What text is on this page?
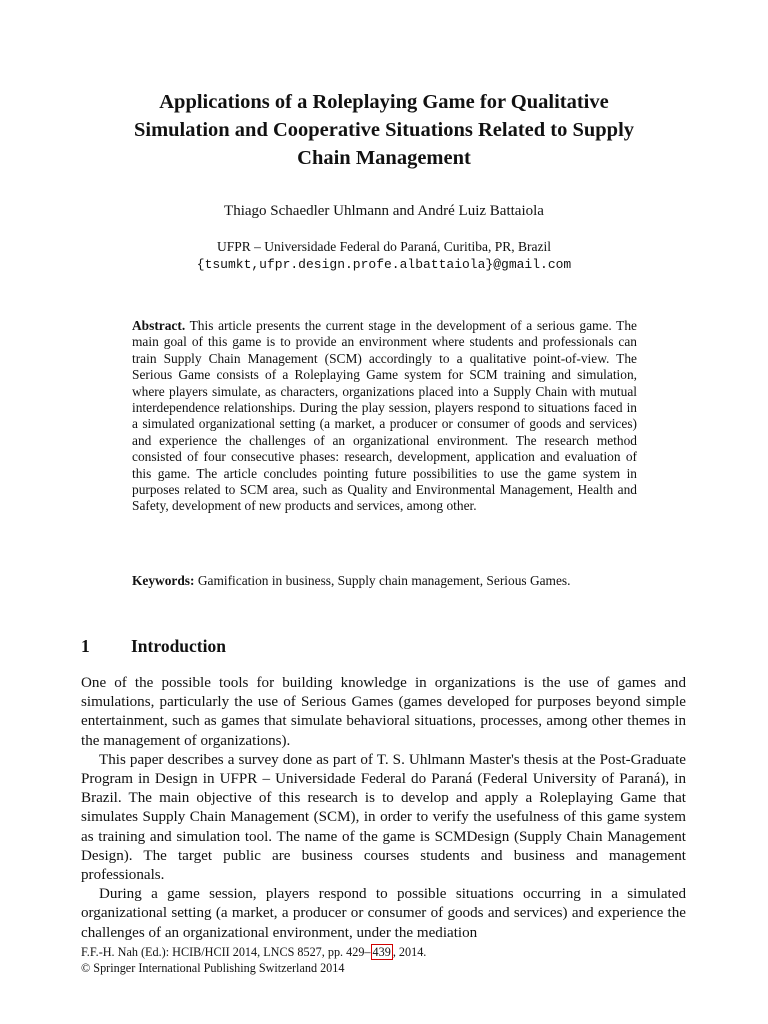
Applications of a Roleplaying Game for Qualitative
Simulation and Cooperative Situations Related to Supply
Chain Management
Thiago Schaedler Uhlmann and André Luiz Battaiola
UFPR – Universidade Federal do Paraná, Curitiba, PR, Brazil
{tsumkt,ufpr.design.profe.albattaiola}@gmail.com
Abstract. This article presents the current stage in the development of a serious game. The main goal of this game is to provide an environment where students and professionals can train Supply Chain Management (SCM) accordingly to a qualitative point-of-view. The Serious Game consists of a Roleplaying Game system for SCM training and simulation, where players simulate, as characters, organizations placed into a Supply Chain with mutual interdependence relationships. During the play session, players respond to situations faced in a simulated organizational setting (a market, a producer or consumer of goods and services) and experience the challenges of an organizational environment. The research method consisted of four consecutive phases: research, development, application and evaluation of this game. The article concludes pointing future possibilities to use the game system in purposes related to SCM area, such as Quality and Environmental Management, Health and Safety, development of new products and services, among other.
Keywords: Gamification in business, Supply chain management, Serious Games.
1 Introduction

One of the possible tools for building knowledge in organizations is the use of games and simulations, particularly the use of Serious Games (games developed for purposes beyond simple entertainment, such as games that simulate behavioral situations, processes, among other themes in the management of organizations).

This paper describes a survey done as part of T. S. Uhlmann Master's thesis at the Post-Graduate Program in Design in UFPR – Universidade Federal do Paraná (Federal University of Paraná), in Brazil. The main objective of this research is to develop and apply a Roleplaying Game that simulates Supply Chain Management (SCM), in order to verify the usefulness of this game system as training and simulation tool. The name of the game is SCMDesign (Supply Chain Management Design). The target public are business courses students and business and management professionals.

During a game session, players respond to possible situations occurring in a simulated organizational setting (a market, a producer or consumer of goods and services) and experience the challenges of an organizational environment, under the mediation

F.F.-H. Nah (Ed.): HCIB/HCII 2014, LNCS 8527, pp. 429– 439 , 2014.
© Springer International Publishing Switzerland 2014
